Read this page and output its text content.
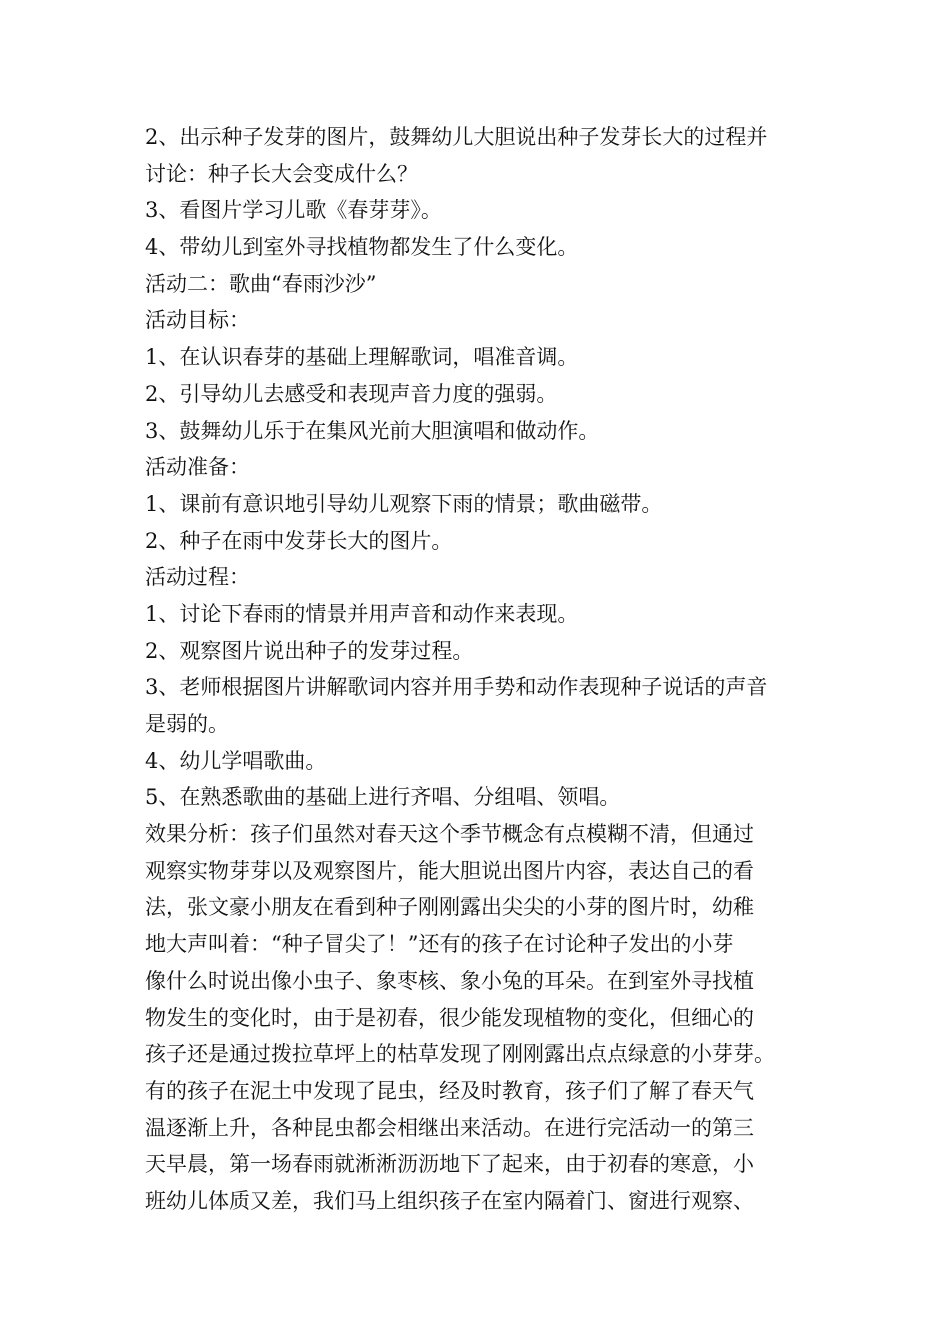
2、出示种子发芽的图片，鼓舞幼儿大胆说出种子发芽长大的过程并
讨论：种子长大会变成什么？
3、看图片学习儿歌《春芽芽》。
4、带幼儿到室外寻找植物都发生了什么变化。
活动二：歌曲“春雨沙沙”
活动目标：
1、在认识春芽的基础上理解歌词，唱准音调。
2、引导幼儿去感受和表现声音力度的强弱。
3、鼓舞幼儿乐于在集风光前大胆演唱和做动作。
活动准备：
1、课前有意识地引导幼儿观察下雨的情景；歌曲磁带。
2、种子在雨中发芽长大的图片。
活动过程：
1、讨论下春雨的情景并用声音和动作来表现。
2、观察图片说出种子的发芽过程。
3、老师根据图片讲解歌词内容并用手势和动作表现种子说话的声音
是弱的。
4、幼儿学唱歌曲。
5、在熟悉歌曲的基础上进行齐唱、分组唱、领唱。
效果分析：孩子们虽然对春天这个季节概念有点模糊不清，但通过
观察实物芽芽以及观察图片，能大胆说出图片内容，表达自己的看
法，张文豪小朋友在看到种子刚刚露出尖尖的小芽的图片时，幼稚
地大声叫着：“种子冒尖了！”还有的孩子在讨论种子发出的小芽
像什么时说出像小虫子、象枣核、象小兔的耳朵。在到室外寻找植
物发生的变化时，由于是初春，很少能发现植物的变化，但细心的
孩子还是通过拨拉草坪上的枯草发现了刚刚露出点点绿意的小芽芽。
有的孩子在泥土中发现了昆虫，经及时教育，孩子们了解了春天气
温逐渐上升，各种昆虫都会相继出来活动。在进行完活动一的第三
天早晨，第一场春雨就淅淅沥沥地下了起来，由于初春的寒意，小
班幼儿体质又差，我们马上组织孩子在室内隔着门、窗进行观察、
